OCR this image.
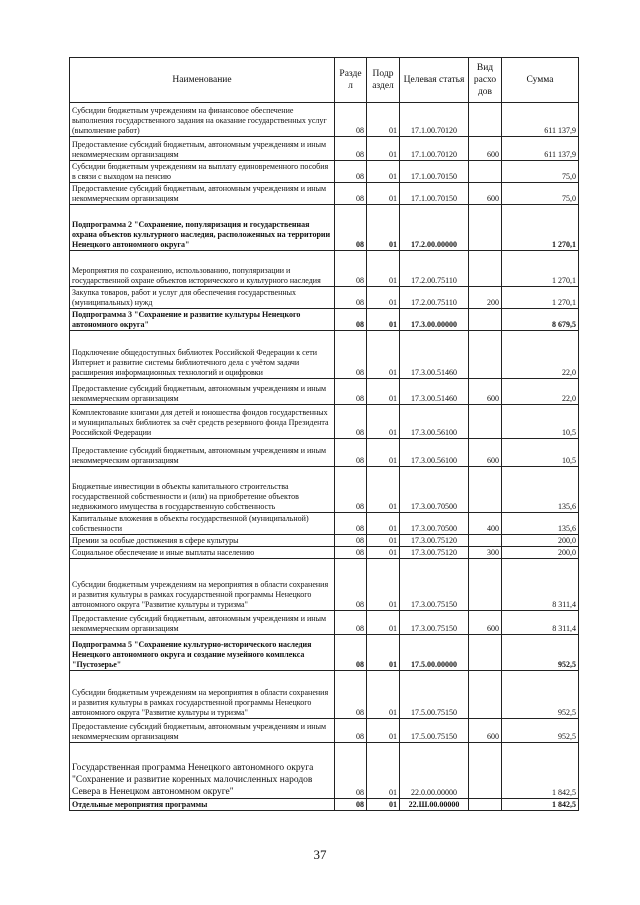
Наименование	Разде л	Подр аздел	Целевая статья	Вид расхо дов	Сумма
Субсидии бюджетным учреждениям на финансовое обеспечение выполнения государственного задания на оказание государственных услуг (выполнение работ)	08	01	17.1.00.70120		611 137,9
Предоставление субсидий бюджетным, автономным учреждениям и иным некоммерческим организациям	08	01	17.1.00.70120	600	611 137,9
Субсидии бюджетным учреждениям на выплату единовременного пособия в связи с выходом на пенсию	08	01	17.1.00.70150		75,0
Предоставление субсидий бюджетным, автономным учреждениям и иным некоммерческим организациям	08	01	17.1.00.70150	600	75,0
Подпрограмма 2 "Сохранение, популяризация и государственная охрана объектов культурного наследия, расположенных на территории Ненецкого автономного округа"	08	01	17.2.00.00000		1 270,1
Мероприятия по сохранению, использованию, популяризации и государственной охране объектов исторического и культурного наследия	08	01	17.2.00.75110		1 270,1
Закупка товаров, работ и услуг для обеспечения государственных (муниципальных) нужд	08	01	17.2.00.75110	200	1 270,1
Подпрограмма 3 "Сохранение и развитие культуры Ненецкого автономного округа"	08	01	17.3.00.00000		8 679,5
Подключение общедоступных библиотек Российской Федерации к сети Интернет и развитие системы библиотечного дела с учётом задачи расширения информационных технологий и оцифровки	08	01	17.3.00.51460		22,0
Предоставление субсидий бюджетным, автономным учреждениям и иным некоммерческим организациям	08	01	17.3.00.51460	600	22,0
Комплектование книгами для детей и юношества фондов государственных и муниципальных библиотек за счёт средств резервного фонда Президента Российской Федерации	08	01	17.3.00.56100		10,5
Предоставление субсидий бюджетным, автономным учреждениям и иным некоммерческим организациям	08	01	17.3.00.56100	600	10,5
Бюджетные инвестиции в объекты капитального строительства государственной собственности и (или) на приобретение объектов недвижимого имущества в государственную собственность	08	01	17.3.00.70500		135,6
Капитальные вложения в объекты государственной (муниципальной) собственности	08	01	17.3.00.70500	400	135,6
Премии за особые достижения в сфере культуры	08	01	17.3.00.75120		200,0
Социальное обеспечение и иные выплаты населению	08	01	17.3.00.75120	300	200,0
Субсидии бюджетным учреждениям на мероприятия в области сохранения и развития культуры в рамках государственной программы Ненецкого автономного округа "Развитие культуры и туризма"	08	01	17.3.00.75150		8 311,4
Предоставление субсидий бюджетным, автономным учреждениям и иным некоммерческим организациям	08	01	17.3.00.75150	600	8 311,4
Подпрограмма 5 "Сохранение культурно-исторического наследия Ненецкого автономного округа и создание музейного комплекса "Пустозерье"	08	01	17.5.00.00000		952,5
Субсидии бюджетным учреждениям на мероприятия в области сохранения и развития культуры в рамках государственной программы Ненецкого автономного округа "Развитие культуры и туризма"	08	01	17.5.00.75150		952,5
Предоставление субсидий бюджетным, автономным учреждениям и иным некоммерческим организациям	08	01	17.5.00.75150	600	952,5
Государственная программа Ненецкого автономного округа "Сохранение и развитие коренных малочисленных народов Севера в Ненецком автономном округе"	08	01	22.0.00.00000		1 842,5
Отдельные мероприятия программы	08	01	22.Ш.00.00000		1 842,5
37
